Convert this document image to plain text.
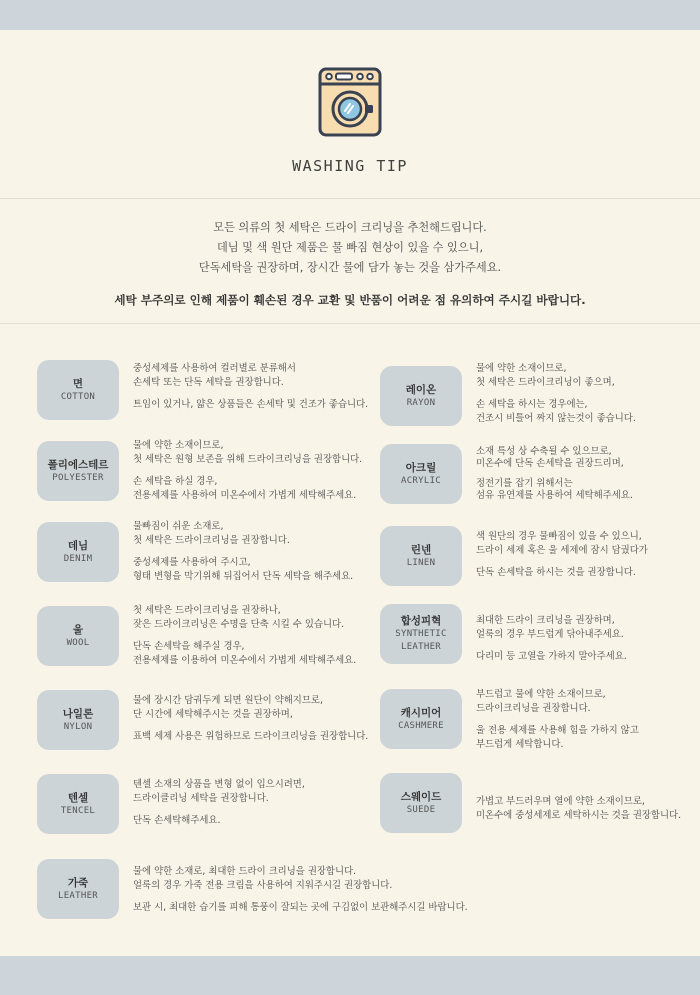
WASHING TIP

모든 의류의 첫 세탁은 드라이 크리닝을 추천해드립니다.

데님 및 색 원단 제품은 물 빠짐 현상이 있을 수 있으니,

단독세탁을 권장하며, 장시간 물에 담가 놓는 것을 삼가주세요.

세탁 부주의로 인해 제품이 훼손된 경우 교환 및 반품이 어려운 점 유의하여 주시길 바랍니다.

면
COTTON

중성세제를 사용하여 컬러별로 분류해서

손세탁 또는 단독 세탁을 권장합니다.

트임이 있거나, 얇은 상품들은 손세탁 및 건조가 좋습니다.

폴리에스테르
POLYESTER

물에 약한 소재이므로,

첫 세탁은 원형 보존을 위해 드라이크리닝을 권장합니다.

손 세탁을 하실 경우,

전용세제를 사용하여 미온수에서 가볍게 세탁해주세요.

데님
DENIM

물빠짐이 쉬운 소재로,

첫 세탁은 드라이크리닝을 권장합니다.

중성세제를 사용하여 주시고,

형태 변형을 막기위해 뒤집어서 단독 세탁을 해주세요.

울
WOOL

첫 세탁은 드라이크리닝을 권장하나,

잦은 드라이크리닝은 수명을 단축 시킬 수 있습니다.

단독 손세탁을 해주실 경우,

전용세제를 이용하여 미온수에서 가볍게 세탁해주세요.

나일론
NYLON

물에 장시간 담궈두게 되면 원단이 약해지므로,

단 시간에 세탁해주시는 것을 권장하며,

표백 세제 사용은 위험하므로 드라이크리닝을 권장합니다.

텐셀
TENCEL

텐셀 소재의 상품을 변형 없이 입으시려면,

드라이클리닝 세탁을 권장합니다.

단독 손세탁해주세요.

가죽
LEATHER

물에 약한 소재로, 최대한 드라이 크리닝을 권장합니다.

얼룩의 경우 가죽 전용 크림을 사용하여 지워주시길 권장합니다.

보관 시, 최대한 습기를 피해 통풍이 잘되는 곳에 구김없이 보관해주시길 바랍니다.

레이온
RAYON

물에 약한 소재이므로,

첫 세탁은 드라이크리닝이 좋으며,

손 세탁을 하시는 경우에는,

건조시 비틀어 짜지 않는것이 좋습니다.

아크릴
ACRYLIC

소재 특성 상 수축될 수 있으므로,

미온수에 단독 손세탁을 권장드리며,

정전기를 잡기 위해서는

섬유 유연제를 사용하여 세탁해주세요.

린넨
LINEN

색 원단의 경우 물빠짐이 있을 수 있으니,

드라이 세제 혹은 울 세제에 잠시 담궜다가

단독 손세탁을 하시는 것을 권장합니다.

합성피혁
SYNTHETIC
LEATHER

최대한 드라이 크리닝을 권장하며,

얼룩의 경우 부드럽게 닦아내주세요.

다리미 등 고열을 가하지 말아주세요.

캐시미어
CASHMERE

부드럽고 물에 약한 소재이므로,

드라이크리닝을 권장합니다.

울 전용 세제를 사용해 힘을 가하지 않고

부드럽게 세탁합니다.

스웨이드
SUEDE

가볍고 부드러우며 열에 약한 소재이므로,

미온수에 중성세제로 세탁하시는 것을 권장합니다.
